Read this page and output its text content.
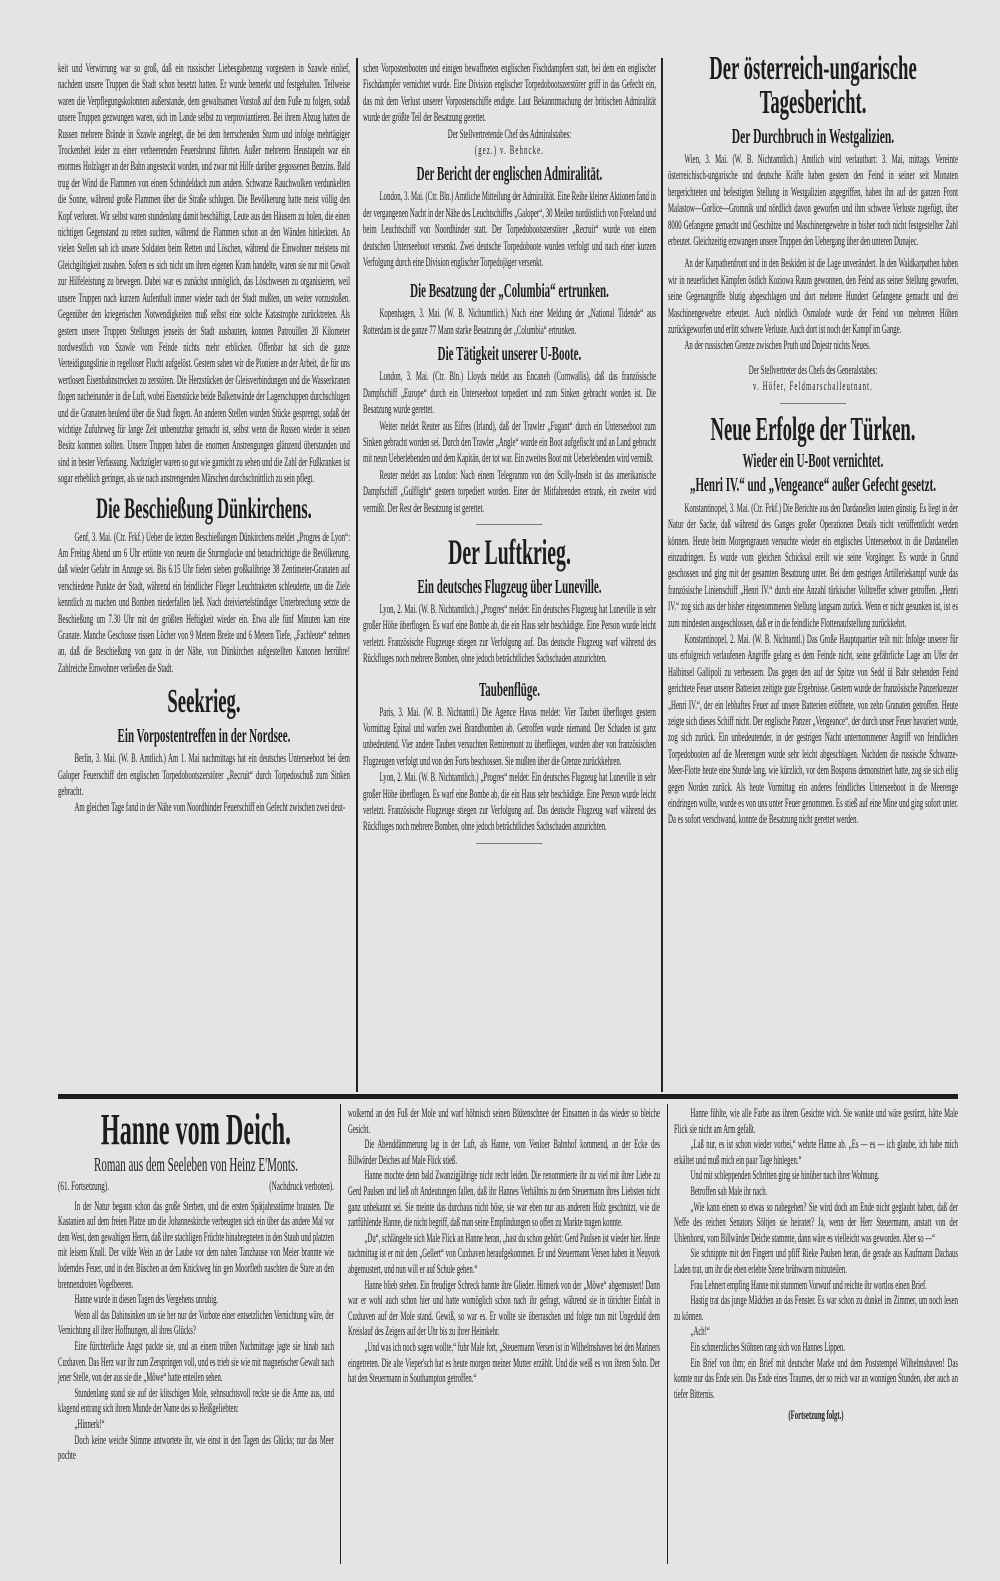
keit und Verwirrung war so groß, daß ein russischer Liebesgabenzug vorgestern in Szawle einlief, nachdem unsere Truppen die Stadt schon besetzt hatten. Er wurde bemerkt und festgehalten. Teilweise waren die Verpflegungskolonnen außerstande, dem gewaltsamen Vorstoß auf dem Fuße zu folgen, sodaß unsere Truppen gezwungen waren, sich im Lande selbst zu verproviantieren. Bei ihrem Abzug hatten die Russen mehrere Brände in Szawle angelegt, die bei dem herrschenden Sturm und infolge mehrtägiger Trockenheit leider zu einer verheerenden Feuersbrunst führten. Außer mehreren Heustapeln war ein enormes Holzlager an der Bahn angesteckt worden, und zwar mit Hilfe darüber gegossenen Benzins. Bald trug der Wind die Flammen von einem Schindeldach zum andern. Schwarze Rauchwolken verdunkelten die Sonne, während große Flammen über die Straße schlugen. Die Bevölkerung hatte meist völlig den Kopf verloren. Wir selbst waren stundenlang damit beschäftigt, Leute aus den Häusern zu holen, die einen nichtigen Gegenstand zu retten suchten, während die Flammen schon an den Wänden hinleckten. An vielen Stellen sah ich unsere Soldaten beim Retten und Löschen, während die Einwohner meistens mit Gleichgiltigkeit zusahen. Sofern es sich nicht um ihren eigenen Kram handelte, waren sie nur mit Gewalt zur Hilfeleistung zu bewegen. Dabei war es zunächst unmöglich, das Löschwesen zu organisieren, weil unsere Truppen nach kurzem Aufenthalt immer wieder nach der Stadt mußten, um weiter vorzustoßen. Gegenüber den kriegerischen Notwendigkeiten muß selbst eine solche Katastrophe zurücktreten. Als gestern unsere Truppen Stellungen jenseits der Stadt ausbauten, konnten Patrouillen 20 Kilometer nordwestlich von Szawle vom Feinde nichts mehr erblicken. Offenbar hat sich die ganze Verteidigungslinie in regelloser Flucht aufgelöst. Gestern sahen wir die Pioniere an der Arbeit, die für uns wertlosen Eisenbahnstrecken zu zerstören. Die Herzstücken der Gleisverbindungen und die Wasserkranen flogen nacheinander in die Luft, wobei Eisenstücke beide Balkenwände der Lagerschuppen durchschlugen und die Granaten heulend über die Stadt flogen. An anderen Stellen wurden Stücke gesprengt, sodaß der wichtige Zufuhrweg für lange Zeit unbenutzbar gemacht ist, selbst wenn die Russen wieder in seinen Besitz kommen sollten. Unsere Truppen haben die enormen Anstrengungen glänzend überstanden und sind in bester Verfassung. Nachzügler waren so gut wie garnicht zu sehen und die Zahl der Fußkranken ist sogar erheblich geringer, als sie nach anstrengenden Märschen durchschnittlich zu sein pflegt.

Die Beschießung Dünkirchens.

Genf, 3. Mai. (Ctr. Frkf.) Ueber die letzten Beschießungen Dünkirchens meldet „Progres de Lyon“: Am Freitag Abend um 6 Uhr ertönte von neuem die Sturmglocke und benachrichtigte die Bevölkerung, daß wieder Gefahr im Anzuge sei. Bis 6.15 Uhr fielen sieben großkalibrige 38 Zentimeter-Granaten auf verschiedene Punkte der Stadt, während ein feindlicher Flieger Leuchtraketen schleuderte, um die Ziele kenntlich zu machen und Bomben niederfallen ließ. Nach dreiviertelstündiger Unterbrechung setzte die Beschießung um 7.30 Uhr mit der größten Heftigkeit wieder ein. Etwa alle fünf Minuten kam eine Granate. Manche Geschosse rissen Löcher von 9 Metern Breite und 6 Metern Tiefe, „Fachleute“ nehmen an, daß die Beschießung von ganz in der Nähe, von Dünkirchen aufgestellten Kanonen herrühre! Zahlreiche Einwohner verließen die Stadt.

Seekrieg.
Ein Vorpostentreffen in der Nordsee.

Berlin, 3. Mai. (W. B. Amtlich.) Am 1. Mai nachmittags hat ein deutsches Unterseeboot bei dem Galoper Feuerschiff den englischen Torpedobootszerstörer „Recruit“ durch Torpedoschuß zum Sinken gebracht.

Am gleichen Tage fand in der Nähe vom Noordhinder Feuerschiff ein Gefecht zwischen zwei deut-

schen Vorpostenbooten und einigen bewaffneten englischen Fischdampfern statt, bei dem ein englischer Fischdampfer vernichtet wurde. Eine Division englischer Torpedobootszerstörer griff in das Gefecht ein, das mit dem Verlust unserer Vorpostenschiffe endigte. Laut Bekanntmachung der britischen Admiralität wurde der größte Teil der Besatzung gerettet.

Der Stellvertretende Chef des Admiralstabes:

(gez.) v. Behncke.

Der Bericht der englischen Admiralität.

London, 3. Mai. (Ctr. Bln.) Amtliche Mitteilung der Admiralität. Eine Reihe kleiner Aktionen fand in der vergangenen Nacht in der Nähe des Leuchtschiffes „Galoper“, 30 Meilen nordöstlich von Foreland und beim Leuchtschiff von Noordhinder statt. Der Torpedobootszerstörer „Recruit“ wurde von einem deutschen Unterseeboot versenkt. Zwei deutsche Torpedoboote wurden verfolgt und nach einer kurzen Verfolgung durch eine Division englischer Torpedojäger versenkt.

Die Besatzung der „Columbia“ ertrunken.

Kopenhagen, 3. Mai. (W. B. Nichtamtlich.) Nach einer Meldung der „National Tidende“ aus Rotterdam ist die ganze 77 Mann starke Besatzung der „Columbia“ ertrunken.

Die Tätigkeit unserer U-Boote.

London, 3. Mai. (Ctr. Bln.) Lloyds meldet aus Encaneh (Cornwallis), daß das französische Dampfschiff „Europe“ durch ein Unterseeboot torpediert und zum Sinken gebracht worden ist. Die Besatzung wurde gerettet.

Weiter meldet Reuter aus Eifres (Irland), daß der Trawler „Fugant“ durch ein Unterseeboot zum Sinken gebracht worden sei. Durch den Trawler „Angle“ wurde ein Boot aufgefischt und an Land gebracht mit neun Ueberlebenden und dem Kapitän, der tot war. Ein zweites Boot mit Ueberlebenden wird vermißt.

Reuter meldet aus London: Nach einem Telegramm von den Scilly-Inseln ist das amerikanische Dampfschiff „Gulflight“ gestern torpediert worden. Einer der Mitfahrenden ertrank, ein zweiter wird vermißt. Der Rest der Besatzung ist gerettet.

Der Luftkrieg.
Ein deutsches Flugzeug über Luneville.

Lyon, 2. Mai. (W. B. Nichtamtlich.) „Progres“ meldet: Ein deutsches Flugzeug hat Luneville in sehr großer Höhe überflogen. Es warf eine Bombe ab, die ein Haus sehr beschädigte. Eine Person wurde leicht verletzt. Französische Flugzeuge stiegen zur Verfolgung auf. Das deutsche Flugzeug warf während des Rückfluges noch mehrere Bomben, ohne jedoch beträchtlichen Sachschaden anzurichten.

Taubenflüge.

Paris, 3. Mai. (W. B. Nichtamtl.) Die Agence Havas meldet: Vier Tauben überflogen gestern Vormittag Epinal und warfen zwei Brandbomben ab. Getroffen wurde niemand. Der Schaden ist ganz unbedeutend. Vier andere Tauben versuchten Remiremont zu überfliegen, wurden aber von französischen Flugzeugen verfolgt und von den Forts beschossen. Sie mußten über die Grenze zurückkehren.

Lyon, 2. Mai. (W. B. Nichtamtlich.) „Progres“ meldet: Ein deutsches Flugzeug hat Luneville in sehr großer Höhe überflogen. Es warf eine Bombe ab, die ein Haus sehr beschädigte. Eine Person wurde leicht verletzt. Französische Flugzeuge stiegen zur Verfolgung auf. Das deutsche Flugzeug warf während des Rückfluges noch mehrere Bomben, ohne jedoch beträchtlichen Sachschaden anzurichten.

Der österreich-ungarische Tagesbericht.
Der Durchbruch in Westgalizien.

Wien, 3. Mai. (W. B. Nichtamtlich.) Amtlich wird verlautbart: 3. Mai, mittags. Vereinte österreichisch-ungarische und deutsche Kräfte haben gestern den Feind in seiner seit Monaten hergerichteten und befestigten Stellung in Westgalizien angegriffen, haben ihn auf der ganzen Front Malastow—Gorlice—Gromnik und nördlich davon geworfen und ihm schwere Verluste zugefügt, über 8000 Gefangene gemacht und Geschütze und Maschinengewehre in bisher noch nicht festgestellter Zahl erbeutet. Gleichzeitig erzwangen unsere Truppen den Uebergang über den unteren Dunajec.

An der Karpathenfront und in den Beskiden ist die Lage unverändert. In den Waldkarpathen haben wir in neuerlichen Kämpfen östlich Koziowa Raum gewonnen, den Feind aus seiner Stellung geworfen, seine Gegenangriffe blutig abgeschlagen und dort mehrere Hundert Gefangene gemacht und drei Maschinengewehre erbeutet. Auch nördlich Osmalode wurde der Feind von mehreren Höhen zurückgeworfen und erlitt schwere Verluste. Auch dort ist noch der Kampf im Gange.

An der russischen Grenze zwischen Pruth und Dnjestr nichts Neues.

Der Stellvertreter des Chefs des Generalstabes:

v. Höfer, Feldmarschalleutnant.

Neue Erfolge der Türken.
Wieder ein U-Boot vernichtet.
„Henri IV.“ und „Vengeance“ außer Gefecht gesetzt.

Konstantinopel, 3. Mai. (Ctr. Frkf.) Die Berichte aus den Dardanellen lauten günstig. Es liegt in der Natur der Sache, daß während des Ganges großer Operationen Details nicht veröffentlicht werden können. Heute beim Morgengrauen versuchte wieder ein englisches Unterseeboot in die Dardanellen einzudringen. Es wurde vom gleichen Schicksal ereilt wie seine Vorgänger. Es wurde in Grund geschossen und ging mit der gesamten Besatzung unter. Bei dem gestrigen Artilleriekampf wurde das französische Linienschiff „Henri IV.“ durch eine Anzahl türkischer Volltreffer schwer getroffen. „Henri IV.“ zog sich aus der bisher eingenommenen Stellung langsam zurück. Wenn er nicht gesunken ist, ist es zum mindesten ausgeschlossen, daß er in die feindliche Flottenaufstellung zurückkehrt.

Konstantinopel, 2. Mai. (W. B. Nichtamtl.) Das Große Hauptquartier teilt mit: Infolge unserer für uns erfolgreich verlaufenen Angriffe gelang es dem Feinde nicht, seine gefährliche Lage am Ufer der Halbinsel Gallipoli zu verbessern. Das gegen den auf der Spitze von Sedd ül Bahr stehenden Feind gerichtete Feuer unserer Batterien zeitigte gute Ergebnisse. Gestern wurde der französische Panzerkreuzer „Henri IV.“, der ein lebhaftes Feuer auf unsere Batterien eröffnete, von zehn Granaten getroffen. Heute zeigte sich dieses Schiff nicht. Der englische Panzer „Vengeance“, der durch unser Feuer havariert wurde, zog sich zurück. Ein unbedeutender, in der gestrigen Nacht unternommener Angriff von feindlichen Torpedobooten auf die Meerengen wurde sehr leicht abgeschlagen. Nachdem die russische Schwarze-Meer-Flotte heute eine Stunde lang, wie kürzlich, vor dem Bosporus demonstriert hatte, zog sie sich eilig gegen Norden zurück. Als heute Vormittag ein anderes feindliches Unterseeboot in die Meerenge eindringen wollte, wurde es von uns unter Feuer genommen. Es stieß auf eine Mine und ging sofort unter. Da es sofort verschwand, konnte die Besatzung nicht gerettet werden.

Hanne vom Deich.
Roman aus dem Seeleben von Heinz E'Monts.
(61. Fortsetzung).	(Nachdruck verboten).

In der Natur begann schon das große Sterben, und die ersten Spätjahrsstürme brausten. Die Kastanien auf dem freien Platze um die Johanneskirche verbeugten sich ein über das andere Mal vor dem West, dem gewaltigen Herrn, daß ihre stachligen Früchte hinabregneten in den Staub und platzten mit leisem Knall. Der wilde Wein an der Laube vor dem nahen Tanzhause von Meier brannte wie loderndes Feuer, und in den Büschen an dem Knickweg hin gen Moorfleth naschten die Stare an den brennendroten Vogelbeeren.

Hanne wurde in diesen Tagen des Vergehens unruhig.

Wenn all das Dahinsinken um sie her nur der Vorbote einer entsetzlichen Vernichtung wäre, der Vernichtung all ihrer Hoffnungen, all ihres Glücks?

Eine fürchterliche Angst packte sie, und an einem trüben Nachmittage jagte sie hinab nach Cuxhaven. Das Herz war ihr zum Zerspringen voll, und es trieb sie wie mit magnetischer Gewalt nach jener Stelle, von der aus sie die „Möwe“ hatte enteilen sehen.

Stundenlang stand sie auf der klitschigen Mole, sehnsuchtsvoll reckte sie die Arme aus, und klagend entrang sich ihrem Munde der Name des so Heißgeliebten:

„Hinnerk!“

Doch keine weiche Stimme antwortete ihr, wie einst in den Tagen des Glücks; nur das Meer pochte

wolkernd an den Fuß der Mole und warf höhnisch seinen Blütenschnee der Einsamen in das wieder so bleiche Gesicht.

Die Abenddämmerung lag in der Luft, als Hanne, vom Venloer Bahnhof kommend, an der Ecke des Billwärder Deiches auf Male Flick stieß.

Hanne mochte denn bald Zwanzigjährige nicht recht leiden. Die renommierte ihr zu viel mit ihrer Liebe zu Gerd Paulsen und ließ oft Andeutungen fallen, daß ihr Hannes Verhältnis zu dem Steuermann ihres Liebsten nicht ganz unbekannt sei. Sie meinte das durchaus nicht böse, sie war eben nur aus anderem Holz geschnitzt, wie die zartfühlende Hanne, die nicht begriff, daß man seine Empfindungen so offen zu Markte tragen konnte.

„Du“, schlängelte sich Male Flick an Hanne heran, „hast du schon gehört: Gerd Paulsen ist wieder hier. Heute nachmittag ist er mit dem „Gellert“ von Cuxhaven heraufgekommen. Er und Steuermann Versen haben in Neuyork abgemustert, und nun will er auf Schule gehen.“

Hanne blieb stehen. Ein freudiger Schreck bannte ihre Glieder. Hinnerk von der „Möwe“ abgemustert! Dann war er wohl auch schon hier und hatte womöglich schon nach ihr gefragt, während sie in törichter Einfalt in Cuxhaven auf der Mole stand. Gewiß, so war es. Er wollte sie überraschen und folgte nun mit Ungeduld dem Kreislauf des Zeigers auf der Uhr bis zu ihrer Heimkehr.

„Und was ich noch sagen wollte,“ fuhr Male fort, „Steuermann Versen ist in Wilhelmshaven bei den Mariners eingetreten. Die alte Vieper'sch hat es heute morgen meiner Mutter erzählt. Und die weiß es von ihrem Sohn. Der hat den Steuermann in Southampton getroffen.“

Hanne fühlte, wie alle Farbe aus ihrem Gesichte wich. Sie wankte und wäre gestürzt, hätte Male Flick sie nicht am Arm gefaßt.

„Laß nur, es ist schon wieder vorbei,“ wehrte Hanne ab. „Es — es — ich glaube, ich habe mich erkältet und muß mich ein paar Tage hinlegen.“

Und mit schleppenden Schritten ging sie hinüber nach ihrer Wohnung.

Betroffen sah Male ihr nach.

„Wie kann einem so etwas so nahegehen? Sie wird doch am Ende nicht geglaubt haben, daß der Neffe des reichen Senators Söltjen sie heiratet? Ja, wenn der Herr Steuermann, anstatt von der Uhlenhorst, vom Billwärder Deiche stammte, dann wäre es vielleicht was geworden. Aber so —“

Sie schnippte mit den Fingern und pfiff Rieke Paulsen heran, die gerade aus Kaufmann Dachaus Laden trat, um ihr die eben erlebte Szene brühwarm mitzuteilen.

Frau Lehnert empfing Hanne mit stummem Vorwurf und reichte ihr wortlos einen Brief.

Hastig trat das junge Mädchen an das Fenster. Es war schon zu dunkel im Zimmer, um noch lesen zu können.

„Ach!“

Ein schmerzliches Stöhnen rang sich von Hannes Lippen.

Ein Brief von ihm; ein Brief mit deutscher Marke und dem Poststempel Wilhelmshaven! Das konnte nur das Ende sein. Das Ende eines Traumes, der so reich war an wonnigen Stunden, aber auch an tiefer Bitternis.

(Fortsetzung folgt.)
